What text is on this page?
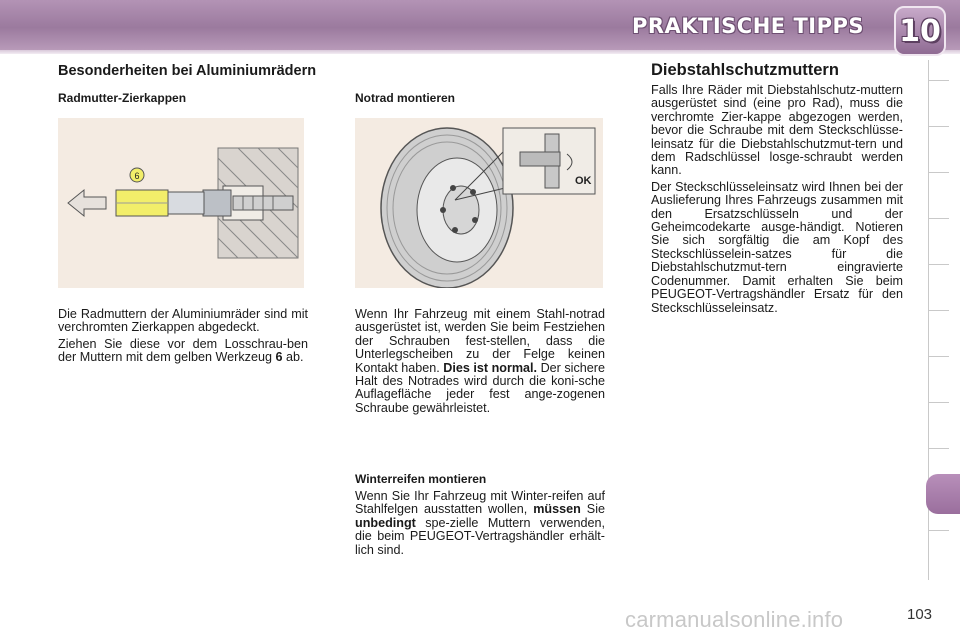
PRAKTISCHE TIPPS 10
Besonderheiten bei Aluminiumrädern
Radmutter-Zierkappen
6

Die Radmuttern der Aluminiumräder sind mit verchromten Zierkappen abgedeckt.

Ziehen Sie diese vor dem Losschrau-ben der Muttern mit dem gelben Werkzeug 6 ab.

Notrad montieren
OK

Wenn Ihr Fahrzeug mit einem Stahl-notrad ausgerüstet ist, werden Sie beim Festziehen der Schrauben fest-stellen, dass die Unterlegscheiben zu der Felge keinen Kontakt haben. Dies ist normal. Der sichere Halt des Notrades wird durch die koni-sche Auflagefläche jeder fest ange-zogenen Schraube gewährleistet.

Winterreifen montieren

Wenn Sie Ihr Fahrzeug mit Winter-reifen auf Stahlfelgen ausstatten wollen, müssen Sie unbedingt spe-zielle Muttern verwenden, die beim PEUGEOT-Vertragshändler erhält-lich sind.

Diebstahlschutzmuttern

Falls Ihre Räder mit Diebstahlschutz-muttern ausgerüstet sind (eine pro Rad), muss die verchromte Zier-kappe abgezogen werden, bevor die Schraube mit dem Steckschlüsse-leinsatz für die Diebstahlschutzmut-tern und dem Radschlüssel losge-schraubt werden kann.

Der Steckschlüsseleinsatz wird Ihnen bei der Auslieferung Ihres Fahrzeugs zusammen mit den Ersatzschlüsseln und der Geheimcodekarte ausge-händigt. Notieren Sie sich sorgfältig die am Kopf des Steckschlüsselein-satzes für die Diebstahlschutzmut-tern eingravierte Codenummer. Damit erhalten Sie beim PEUGEOT-Vertragshändler Ersatz für den Steckschlüsseleinsatz.

carmanualsonline.info	103
